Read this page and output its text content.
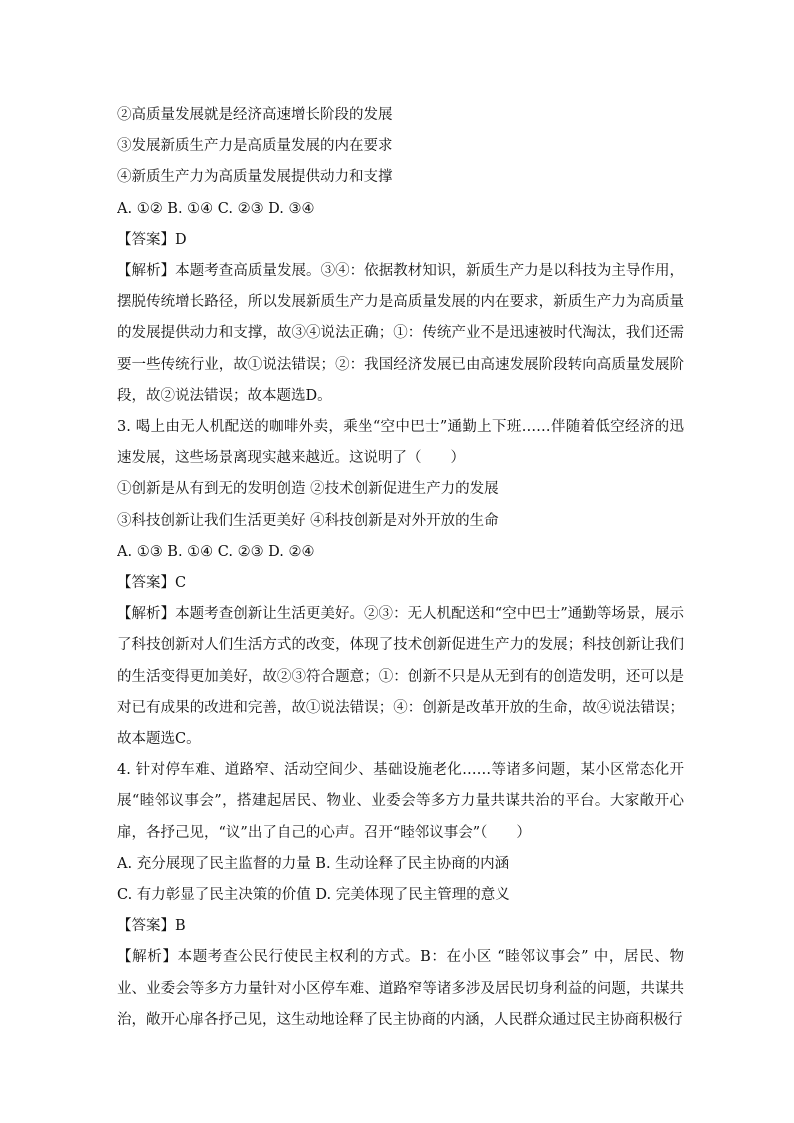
②高质量发展就是经济高速增长阶段的发展
③发展新质生产力是高质量发展的内在要求
④新质生产力为高质量发展提供动力和支撑
A. ①② B. ①④ C. ②③ D. ③④
【答案】D

【解析】本题考查高质量发展。③④：依据教材知识，新质生产力是以科技为主导作用，摆脱传统增长路径，所以发展新质生产力是高质量发展的内在要求，新质生产力为高质量的发展提供动力和支撑，故③④说法正确；①：传统产业不是迅速被时代淘汰，我们还需要一些传统行业，故①说法错误；②：我国经济发展已由高速发展阶段转向高质量发展阶段，故②说法错误；故本题选D。

3. 喝上由无人机配送的咖啡外卖，乘坐“空中巴士”通勤上下班……伴随着低空经济的迅速发展，这些场景离现实越来越近。这说明了（　　）

①创新是从有到无的发明创造 ②技术创新促进生产力的发展
③科技创新让我们生活更美好 ④科技创新是对外开放的生命
A. ①③ B. ①④ C. ②③ D. ②④
【答案】C

【解析】本题考查创新让生活更美好。②③：无人机配送和“空中巴士”通勤等场景，展示了科技创新对人们生活方式的改变，体现了技术创新促进生产力的发展；科技创新让我们的生活变得更加美好，故②③符合题意；①：创新不只是从无到有的创造发明，还可以是对已有成果的改进和完善，故①说法错误；④：创新是改革开放的生命，故④说法错误；故本题选C。

4. 针对停车难、道路窄、活动空间少、基础设施老化……等诸多问题，某小区常态化开展“睦邻议事会”，搭建起居民、物业、业委会等多方力量共谋共治的平台。大家敞开心扉，各抒己见，“议”出了自己的心声。召开“睦邻议事会”（　　）

A. 充分展现了民主监督的力量 B. 生动诠释了民主协商的内涵
C. 有力彰显了民主决策的价值 D. 完美体现了民主管理的意义
【答案】B

【解析】本题考查公民行使民主权利的方式。B：在小区 “睦邻议事会” 中，居民、物业、业委会等多方力量针对小区停车难、道路窄等诸多涉及居民切身利益的问题，共谋共治，敞开心扉各抒己见，这生动地诠释了民主协商的内涵，人民群众通过民主协商积极行
